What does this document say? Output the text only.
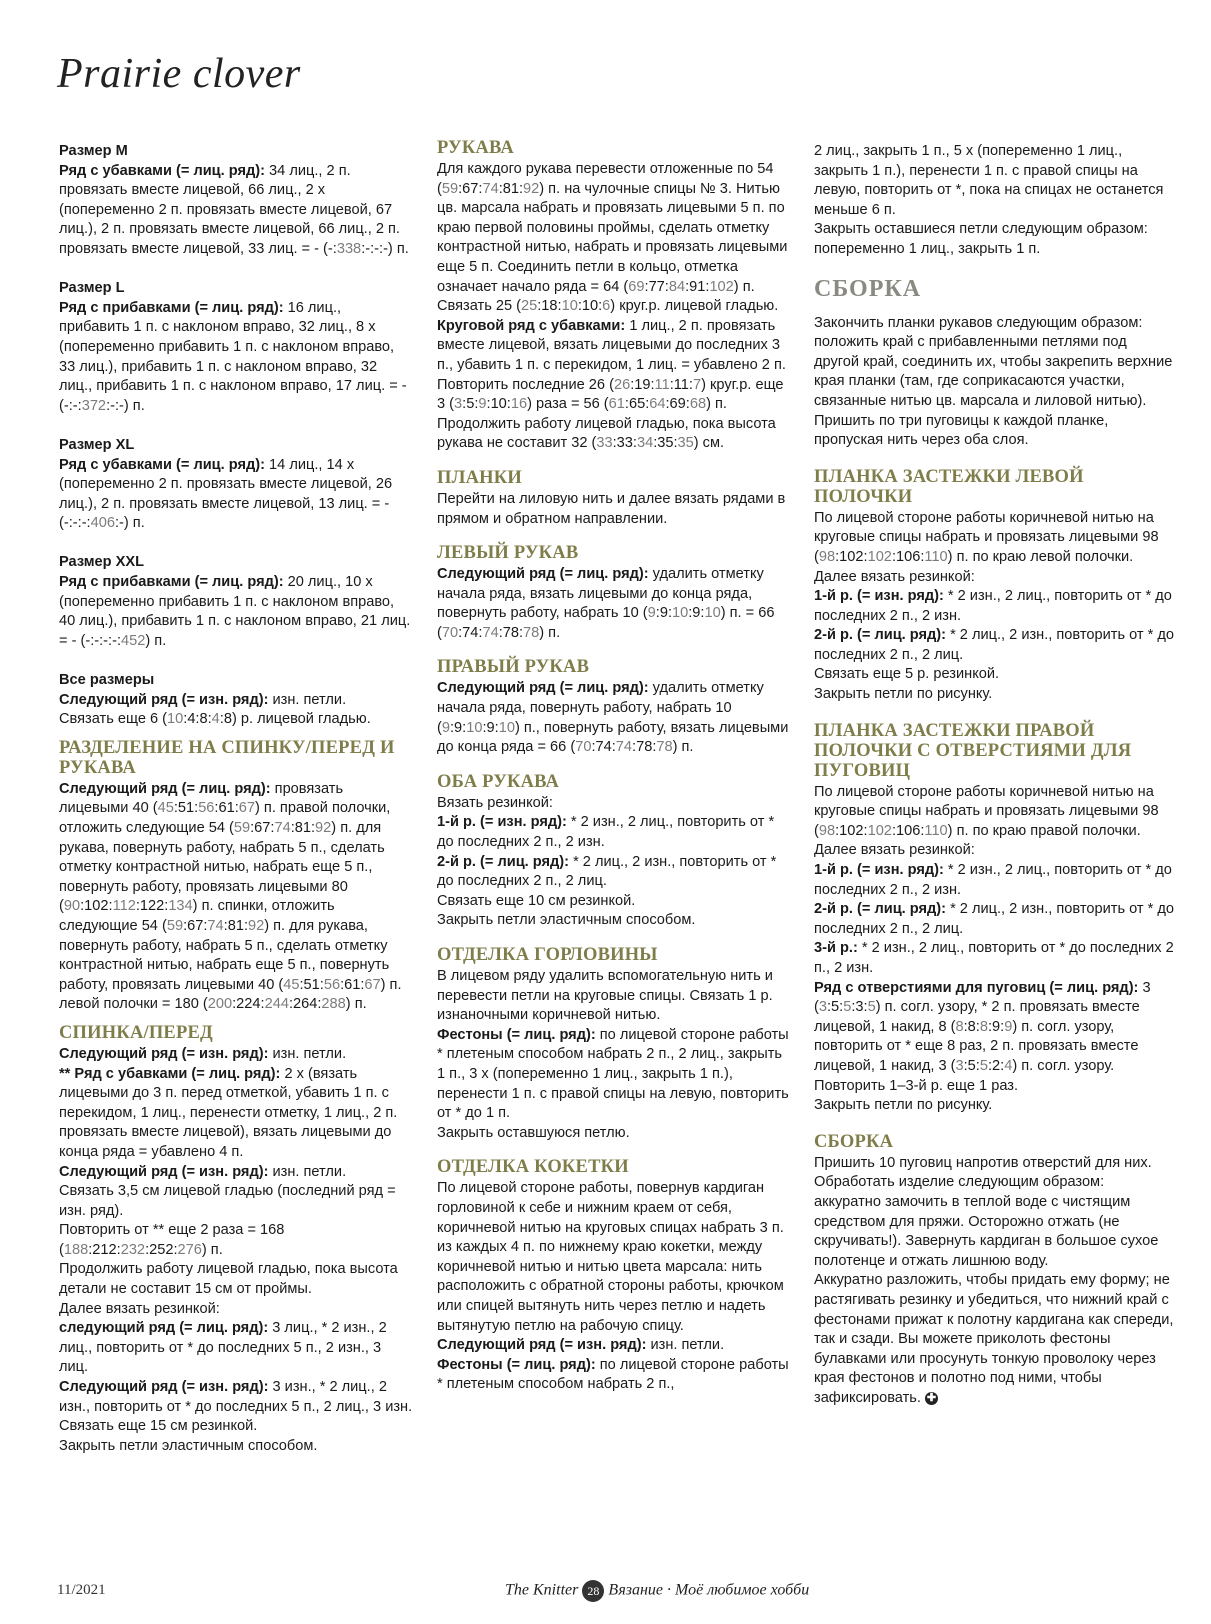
Prairie clover

Размер M

Ряд с убавками (= лиц. ряд): 34 лиц., 2 п. провязать вместе лицевой, 66 лиц., 2 х (попеременно 2 п. провязать вместе лицевой, 67 лиц.), 2 п. провязать вместе лицевой, 66 лиц., 2 п. провязать вместе лицевой, 33 лиц. = - (-:338:-:-:-) п.

Размер L

Ряд с прибавками (= лиц. ряд): 16 лиц., прибавить 1 п. с наклоном вправо, 32 лиц., 8 х (попеременно прибавить 1 п. с наклоном вправо, 33 лиц.), прибавить 1 п. с наклоном вправо, 32 лиц., прибавить 1 п. с наклоном вправо, 17 лиц. = - (-:-:372:-:-) п.

Размер XL

Ряд с убавками (= лиц. ряд): 14 лиц., 14 х (попеременно 2 п. провязать вместе лицевой, 26 лиц.), 2 п. провязать вместе лицевой, 13 лиц. = - (-:-:-:406:-) п.

Размер XXL

Ряд с прибавками (= лиц. ряд): 20 лиц., 10 х (попеременно прибавить 1 п. с наклоном вправо, 40 лиц.), прибавить 1 п. с наклоном вправо, 21 лиц. = - (-:-:-:-:452) п.

Все размеры

Следующий ряд (= изн. ряд): изн. петли.

Связать еще 6 (10:4:8:4:8) р. лицевой гладью.

РАЗДЕЛЕНИЕ НА СПИНКУ/ПЕРЕД И РУКАВА

Следующий ряд (= лиц. ряд): провязать лицевыми 40 (45:51:56:61:67) п. правой полочки, отложить следующие 54 (59:67:74:81:92) п. для рукава, повернуть работу, набрать 5 п., сделать отметку контрастной нитью, набрать еще 5 п., повернуть работу, провязать лицевыми 80 (90:102:112:122:134) п. спинки, отложить следующие 54 (59:67:74:81:92) п. для рукава, повернуть работу, набрать 5 п., сделать отметку контрастной нитью, набрать еще 5 п., повернуть работу, провязать лицевыми 40 (45:51:56:61:67) п. левой полочки = 180 (200:224:244:264:288) п.

СПИНКА/ПЕРЕД

Следующий ряд (= изн. ряд): изн. петли.

** Ряд с убавками (= лиц. ряд): 2 х (вязать лицевыми до 3 п. перед отметкой, убавить 1 п. с перекидом, 1 лиц., перенести отметку, 1 лиц., 2 п. провязать вместе лицевой), вязать лицевыми до конца ряда = убавлено 4 п.

Следующий ряд (= изн. ряд): изн. петли.

Связать 3,5 см лицевой гладью (последний ряд = изн. ряд).

Повторить от ** еще 2 раза = 168 (188:212:232:252:276) п.

Продолжить работу лицевой гладью, пока высота детали не составит 15 см от проймы.

Далее вязать резинкой:

следующий ряд (= лиц. ряд): 3 лиц., * 2 изн., 2 лиц., повторить от * до последних 5 п., 2 изн., 3 лиц.

Следующий ряд (= изн. ряд): 3 изн., * 2 лиц., 2 изн., повторить от * до последних 5 п., 2 лиц., 3 изн.

Связать еще 15 см резинкой.

Закрыть петли эластичным способом.

РУКАВА

Для каждого рукава перевести отложенные по 54 (59:67:74:81:92) п. на чулочные спицы № 3. Нитью цв. марсала набрать и провязать лицевыми 5 п. по краю первой половины проймы, сделать отметку контрастной нитью, набрать и провязать лицевыми еще 5 п. Соединить петли в кольцо, отметка означает начало ряда = 64 (69:77:84:91:102) п.

Связать 25 (25:18:10:10:6) круг.р. лицевой гладью.

Круговой ряд с убавками: 1 лиц., 2 п. провязать вместе лицевой, вязать лицевыми до последних 3 п., убавить 1 п. с перекидом, 1 лиц. = убавлено 2 п.

Повторить последние 26 (26:19:11:11:7) круг.р. еще 3 (3:5:9:10:16) раза = 56 (61:65:64:69:68) п.

Продолжить работу лицевой гладью, пока высота рукава не составит 32 (33:33:34:35:35) см.

ПЛАНКИ

Перейти на лиловую нить и далее вязать рядами в прямом и обратном направлении.

ЛЕВЫЙ РУКАВ

Следующий ряд (= лиц. ряд): удалить отметку начала ряда, вязать лицевыми до конца ряда, повернуть работу, набрать 10 (9:9:10:9:10) п. = 66 (70:74:74:78:78) п.

ПРАВЫЙ РУКАВ

Следующий ряд (= лиц. ряд): удалить отметку начала ряда, повернуть работу, набрать 10 (9:9:10:9:10) п., повернуть работу, вязать лицевыми до конца ряда = 66 (70:74:74:78:78) п.

ОБА РУКАВА

Вязать резинкой:

1-й р. (= изн. ряд): * 2 изн., 2 лиц., повторить от * до последних 2 п., 2 изн.

2-й р. (= лиц. ряд): * 2 лиц., 2 изн., повторить от * до последних 2 п., 2 лиц.

Связать еще 10 см резинкой.

Закрыть петли эластичным способом.

ОТДЕЛКА ГОРЛОВИНЫ

В лицевом ряду удалить вспомогательную нить и перевести петли на круговые спицы. Связать 1 р. изнаночными коричневой нитью.

Фестоны (= лиц. ряд): по лицевой стороне работы * плетеным способом набрать 2 п., 2 лиц., закрыть 1 п., 3 х (попеременно 1 лиц., закрыть 1 п.), перенести 1 п. с правой спицы на левую, повторить от * до 1 п.

Закрыть оставшуюся петлю.

ОТДЕЛКА КОКЕТКИ

По лицевой стороне работы, повернув кардиган горловиной к себе и нижним краем от себя, коричневой нитью на круговых спицах набрать 3 п. из каждых 4 п. по нижнему краю кокетки, между коричневой нитью и нитью цвета марсала: нить расположить с обратной стороны работы, крючком или спицей вытянуть нить через петлю и надеть вытянутую петлю на рабочую спицу.

Следующий ряд (= изн. ряд): изн. петли.

Фестоны (= лиц. ряд): по лицевой стороне работы * плетеным способом набрать 2 п.,

2 лиц., закрыть 1 п., 5 х (попеременно 1 лиц., закрыть 1 п.), перенести 1 п. с правой спицы на левую, повторить от *, пока на спицах не останется меньше 6 п.

Закрыть оставшиеся петли следующим образом: попеременно 1 лиц., закрыть 1 п.

СБОРКА

Закончить планки рукавов следующим образом: положить край с прибавленными петлями под другой край, соединить их, чтобы закрепить верхние края планки (там, где соприкасаются участки, связанные нитью цв. марсала и лиловой нитью).

Пришить по три пуговицы к каждой планке, пропуская нить через оба слоя.

ПЛАНКА ЗАСТЕЖКИ ЛЕВОЙ ПОЛОЧКИ

По лицевой стороне работы коричневой нитью на круговые спицы набрать и провязать лицевыми 98 (98:102:102:106:110) п. по краю левой полочки.

Далее вязать резинкой:

1-й р. (= изн. ряд): * 2 изн., 2 лиц., повторить от * до последних 2 п., 2 изн.

2-й р. (= лиц. ряд): * 2 лиц., 2 изн., повторить от * до последних 2 п., 2 лиц.

Связать еще 5 р. резинкой.

Закрыть петли по рисунку.

ПЛАНКА ЗАСТЕЖКИ ПРАВОЙ ПОЛОЧКИ С ОТВЕРСТИЯМИ ДЛЯ ПУГОВИЦ

По лицевой стороне работы коричневой нитью на круговые спицы набрать и провязать лицевыми 98 (98:102:102:106:110) п. по краю правой полочки.

Далее вязать резинкой:

1-й р. (= изн. ряд): * 2 изн., 2 лиц., повторить от * до последних 2 п., 2 изн.

2-й р. (= лиц. ряд): * 2 лиц., 2 изн., повторить от * до последних 2 п., 2 лиц.

3-й р.: * 2 изн., 2 лиц., повторить от * до последних 2 п., 2 изн.

Ряд с отверстиями для пуговиц (= лиц. ряд): 3 (3:5:5:3:5) п. согл. узору, * 2 п. провязать вместе лицевой, 1 накид, 8 (8:8:8:9:9) п. согл. узору, повторить от * еще 8 раз, 2 п. провязать вместе лицевой, 1 накид, 3 (3:5:5:2:4) п. согл. узору.

Повторить 1–3-й р. еще 1 раз.

Закрыть петли по рисунку.

СБОРКА

Пришить 10 пуговиц напротив отверстий для них. Обработать изделие следующим образом: аккуратно замочить в теплой воде с чистящим средством для пряжи. Осторожно отжать (не скручивать!). Завернуть кардиган в большое сухое полотенце и отжать лишнюю воду.

Аккуратно разложить, чтобы придать ему форму; не растягивать резинку и убедиться, что нижний край с фестонами прижат к полотну кардигана как спереди, так и сзади. Вы можете приколоть фестоны булавками или просунуть тонкую проволоку через края фестонов и полотно под ними, чтобы зафиксировать. ✚

11/2021	The Knitter 28 Вязание · Моё любимое хобби
